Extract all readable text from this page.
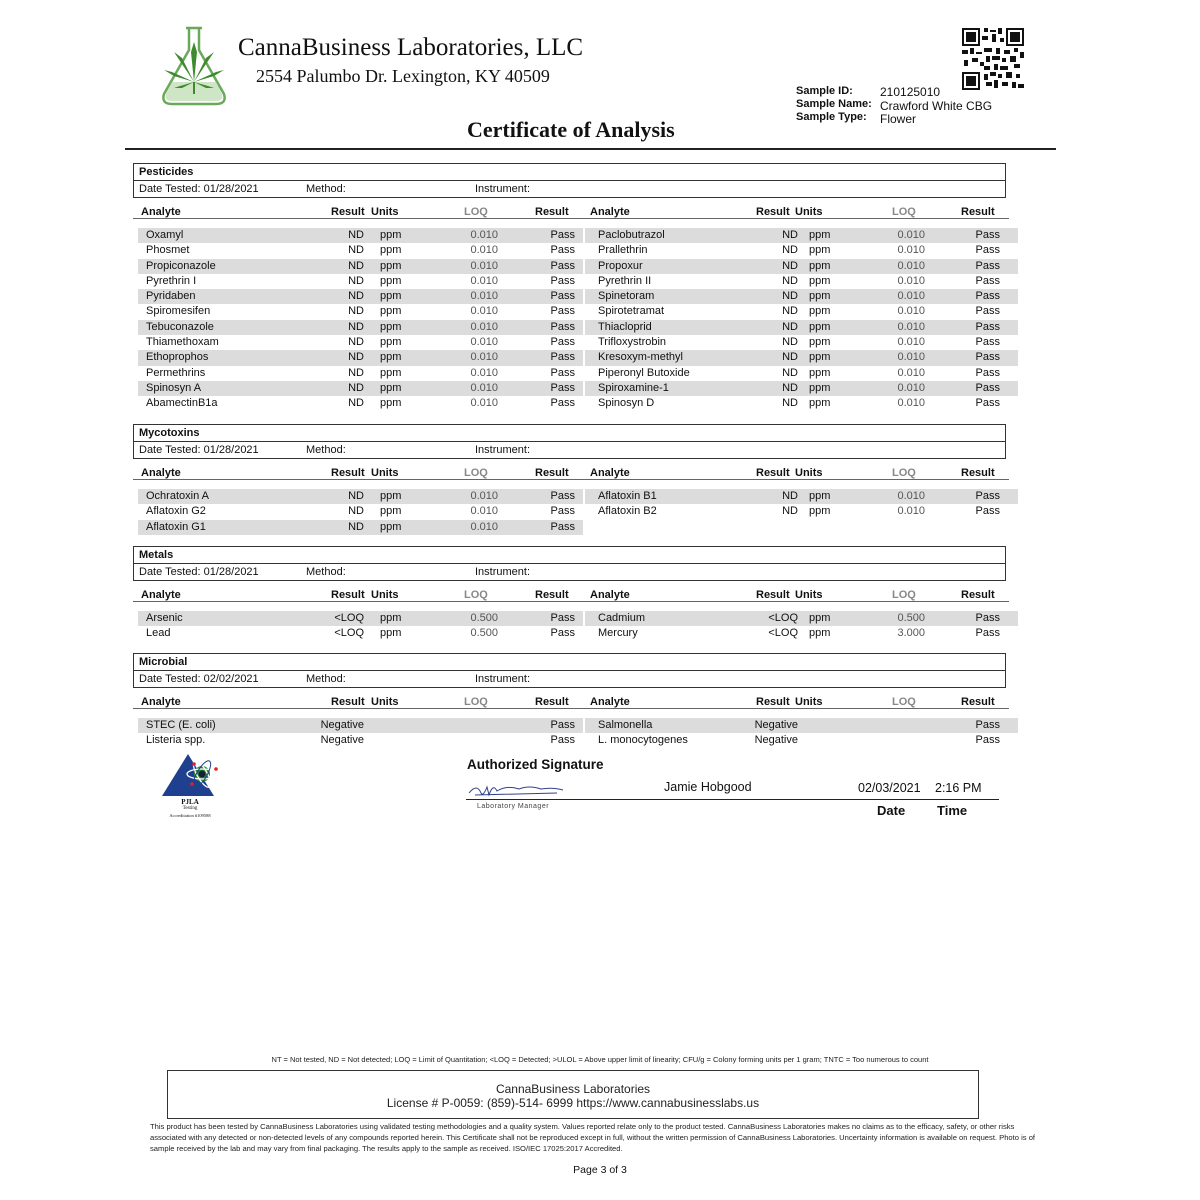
CannaBusiness Laboratories, LLC
2554 Palumbo Dr. Lexington, KY 40509
Sample ID:
Sample Name:
Sample Type:
210125010
Crawford White CBG
Flower
Certificate of Analysis
Pesticides
Date Tested: 01/28/2021	Method:	Instrument:
Analyte	Result Units	LOQ	Result Analyte	Result Units	LOQ	Result
Oxamyl	ND ppm	0.010	Pass Paclobutrazol	ND ppm	0.010	Pass
Phosmet	ND ppm	0.010	Pass Prallethrin	ND ppm	0.010	Pass
Propiconazole	ND ppm	0.010	Pass Propoxur	ND ppm	0.010	Pass
Pyrethrin I	ND ppm	0.010	Pass Pyrethrin II	ND ppm	0.010	Pass
Pyridaben	ND ppm	0.010	Pass Spinetoram	ND ppm	0.010	Pass
Spiromesifen	ND ppm	0.010	Pass Spirotetramat	ND ppm	0.010	Pass
Tebuconazole	ND ppm	0.010	Pass Thiacloprid	ND ppm	0.010	Pass
Thiamethoxam	ND ppm	0.010	Pass Trifloxystrobin	ND ppm	0.010	Pass
Ethoprophos	ND ppm	0.010	Pass Kresoxym-methyl	ND ppm	0.010	Pass
Permethrins	ND ppm	0.010	Pass Piperonyl Butoxide	ND ppm	0.010	Pass
Spinosyn A	ND ppm	0.010	Pass Spiroxamine-1	ND ppm	0.010	Pass
AbamectinB1a	ND ppm	0.010	Pass Spinosyn D	ND ppm	0.010	Pass
Mycotoxins
Date Tested: 01/28/2021	Method:	Instrument:
Analyte	Result Units	LOQ	Result Analyte	Result Units	LOQ	Result
Ochratoxin A	ND ppm	0.010	Pass Aflatoxin B1	ND ppm	0.010	Pass
Aflatoxin G2	ND ppm	0.010	Pass Aflatoxin B2	ND ppm	0.010	Pass
Aflatoxin G1	ND ppm	0.010	Pass
Metals
Date Tested: 01/28/2021	Method:	Instrument:
Analyte	Result Units	LOQ	Result Analyte	Result Units	LOQ	Result
Arsenic	<LOQ ppm	0.500	Pass Cadmium	<LOQ ppm	0.500	Pass
Lead	<LOQ ppm	0.500	Pass Mercury	<LOQ ppm	3.000	Pass
Microbial
Date Tested: 02/02/2021	Method:	Instrument:
Analyte	Result Units	LOQ	Result Analyte	Result Units	LOQ	Result
STEC (E. coli)	Negative	Pass Salmonella	Negative	Pass
Listeria spp.	Negative	Pass L. monocytogenes	Negative	Pass
PJLA
Testing
Accreditation #109588
Authorized Signature
Jamie Hobgood	02/03/2021 2:16 PM
Laboratory Manager	Date Time
NT = Not tested, ND = Not detected; LOQ = Limit of Quantitation; <LOQ = Detected; >ULOL = Above upper limit of linearity; CFU/g = Colony forming units per 1 gram; TNTC = Too numerous to count
CannaBusiness Laboratories
License # P-0059: (859)-514- 6999 https://www.cannabusinesslabs.us
This product has been tested by CannaBusiness Laboratories using validated testing methodologies and a quality system. Values reported relate only to the product tested. CannaBusiness Laboratories makes no claims as to the efficacy, safety, or other risks associated with any detected or non-detected levels of any compounds reported herein. This Certificate shall not be reproduced except in full, without the written permission of CannaBusiness Laboratories. Uncertainty information is available on request. Photo is of sample received by the lab and may vary from final packaging. The results apply to the sample as received. ISO/IEC 17025:2017 Accredited.
Page 3 of 3
